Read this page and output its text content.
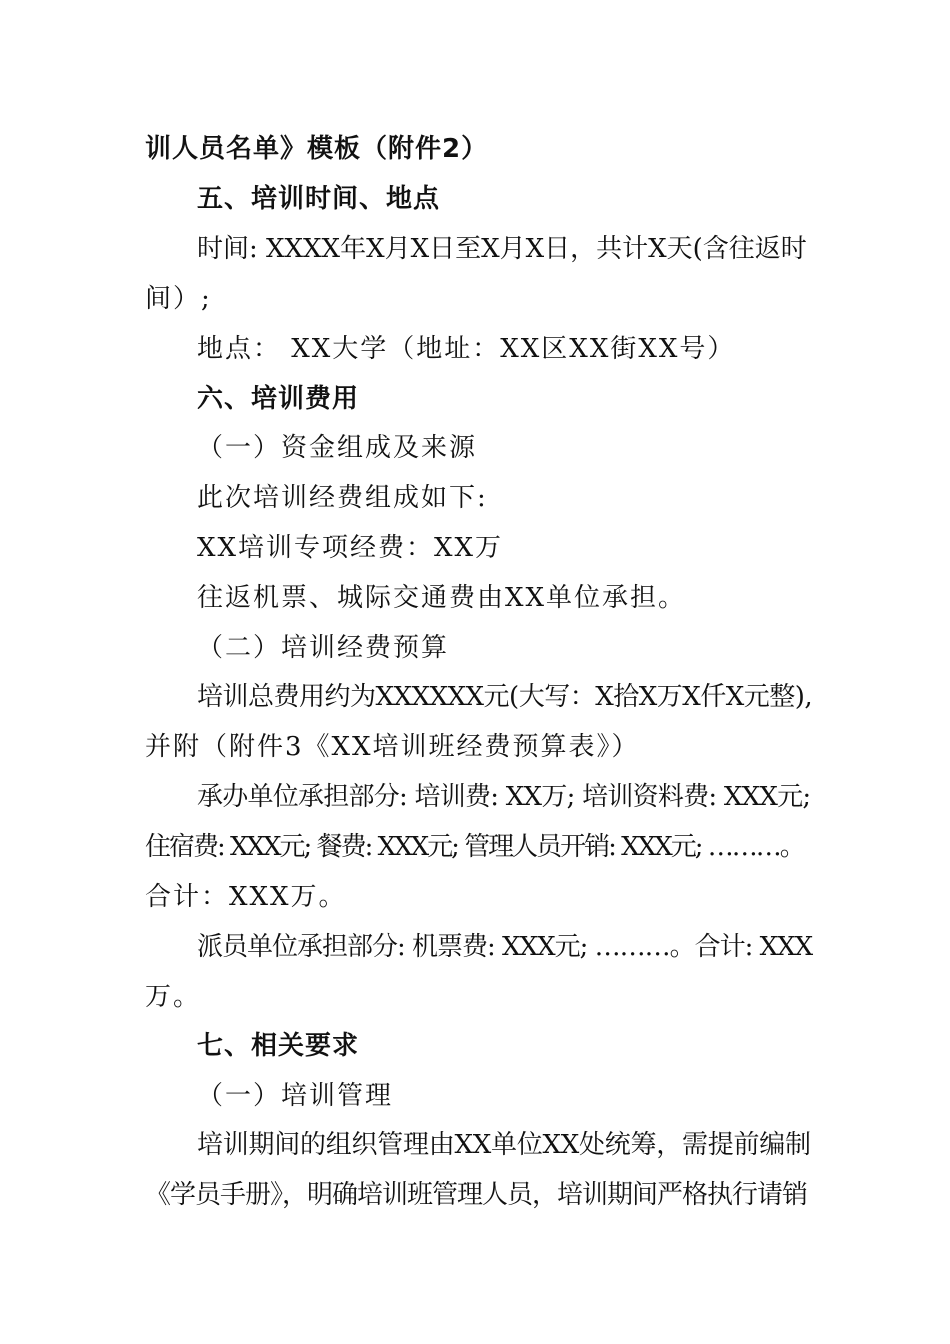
训人员名单》模板（附件2）
五、培训时间、地点
时间: XXXX年X月X日至X月X日，共计X天(含往返时
间）;
地点： XX大学（地址：XX区XX街XX号）
六、培训费用
（一）资金组成及来源
此次培训经费组成如下:
XX培训专项经费：XX万
往返机票、城际交通费由XX单位承担。
（二）培训经费预算
培训总费用约为XXXXXX元(大写：X拾X万X仟X元整),
并附（附件3《XX培训班经费预算表》）
承办单位承担部分: 培训费: XX万; 培训资料费: XXX元;
住宿费: XXX元; 餐费: XXX元; 管理人员开销: XXX元; ………。
合计：XXX万。
派员单位承担部分: 机票费: XXX元; ………。合计: XXX
万。
七、相关要求
（一）培训管理
培训期间的组织管理由XX单位XX处统筹，需提前编制
《学员手册》，明确培训班管理人员，培训期间严格执行请销
